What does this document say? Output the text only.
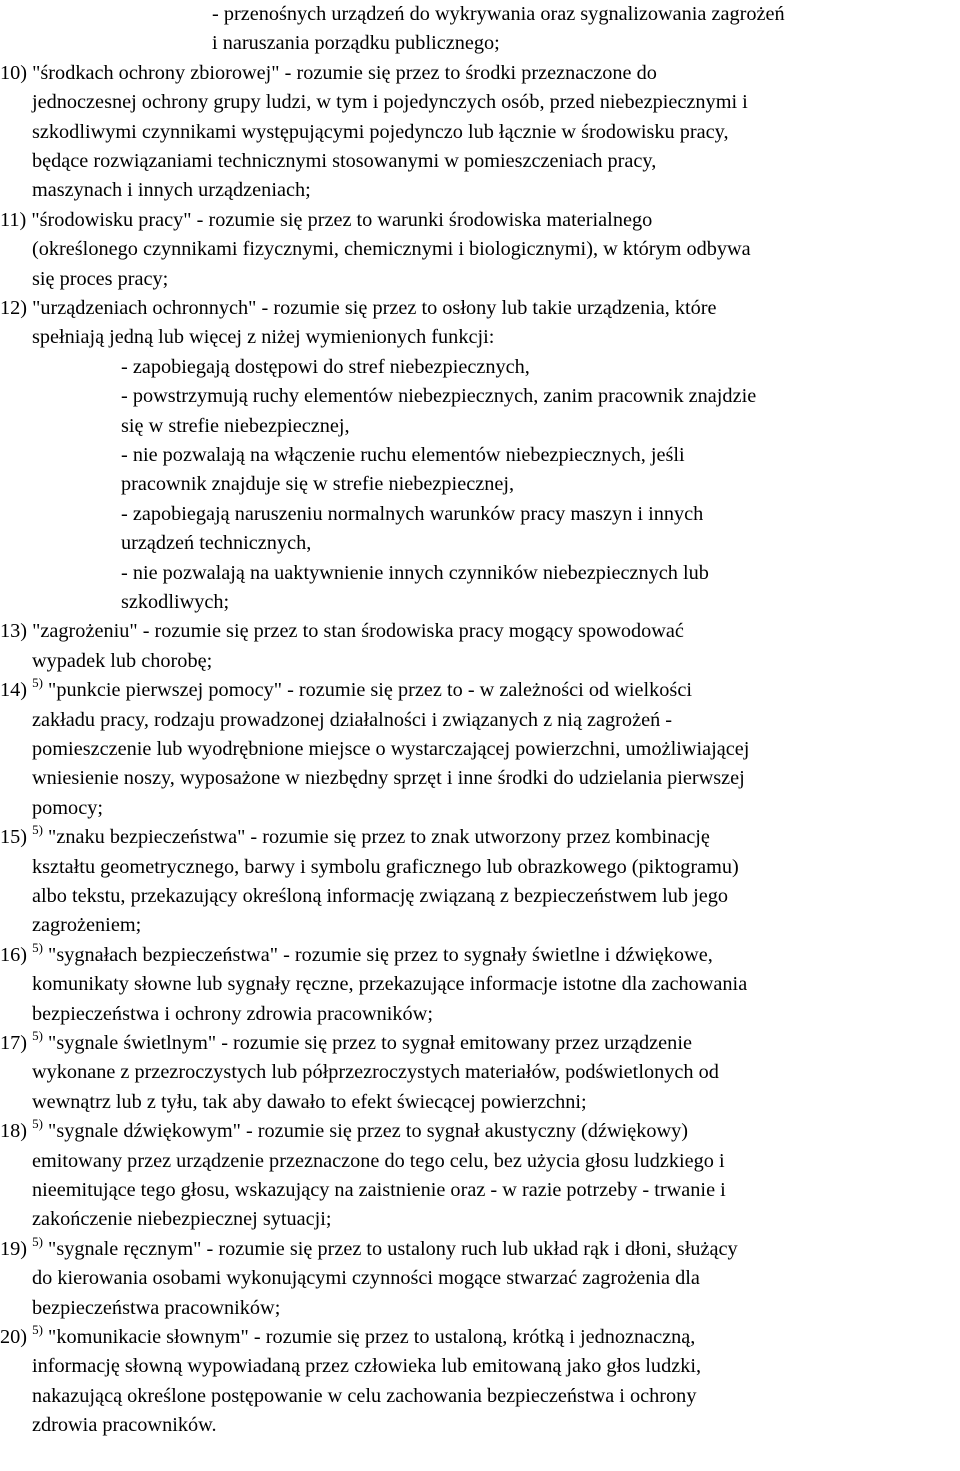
- przenośnych urządzeń do wykrywania oraz sygnalizowania zagrożeń
i naruszania porządku publicznego;
10) "środkach ochrony zbiorowej" - rozumie się przez to środki przeznaczone do
jednoczesnej ochrony grupy ludzi, w tym i pojedynczych osób, przed niebezpiecznymi i
szkodliwymi czynnikami występującymi pojedynczo lub łącznie w środowisku pracy,
będące rozwiązaniami technicznymi stosowanymi w pomieszczeniach pracy,
maszynach i innych urządzeniach;
11) "środowisku pracy" - rozumie się przez to warunki środowiska materialnego
(określonego czynnikami fizycznymi, chemicznymi i biologicznymi), w którym odbywa
się proces pracy;
12) "urządzeniach ochronnych" - rozumie się przez to osłony lub takie urządzenia, które
spełniają jedną lub więcej z niżej wymienionych funkcji:
- zapobiegają dostępowi do stref niebezpiecznych,
- powstrzymują ruchy elementów niebezpiecznych, zanim pracownik znajdzie
się w strefie niebezpiecznej,
- nie pozwalają na włączenie ruchu elementów niebezpiecznych, jeśli
pracownik znajduje się w strefie niebezpiecznej,
- zapobiegają naruszeniu normalnych warunków pracy maszyn i innych
urządzeń technicznych,
- nie pozwalają na uaktywnienie innych czynników niebezpiecznych lub
szkodliwych;
13) "zagrożeniu" - rozumie się przez to stan środowiska pracy mogący spowodować
wypadek lub chorobę;
14) $^{5)}$ "punkcie pierwszej pomocy" - rozumie się przez to - w zależności od wielkości
zakładu pracy, rodzaju prowadzonej działalności i związanych z nią zagrożeń -
pomieszczenie lub wyodrębnione miejsce o wystarczającej powierzchni, umożliwiającej
wniesienie noszy, wyposażone w niezbędny sprzęt i inne środki do udzielania pierwszej
pomocy;
15) $^{5)}$ "znaku bezpieczeństwa" - rozumie się przez to znak utworzony przez kombinację
kształtu geometrycznego, barwy i symbolu graficznego lub obrazkowego (piktogramu)
albo tekstu, przekazujący określoną informację związaną z bezpieczeństwem lub jego
zagrożeniem;
16) $^{5)}$ "sygnałach bezpieczeństwa" - rozumie się przez to sygnały świetlne i dźwiękowe,
komunikaty słowne lub sygnały ręczne, przekazujące informacje istotne dla zachowania
bezpieczeństwa i ochrony zdrowia pracowników;
17) $^{5)}$ "sygnale świetlnym" - rozumie się przez to sygnał emitowany przez urządzenie
wykonane z przezroczystych lub półprzezroczystych materiałów, podświetlonych od
wewnątrz lub z tyłu, tak aby dawało to efekt świecącej powierzchni;
18) $^{5)}$ "sygnale dźwiękowym" - rozumie się przez to sygnał akustyczny (dźwiękowy)
emitowany przez urządzenie przeznaczone do tego celu, bez użycia głosu ludzkiego i
nieemitujące tego głosu, wskazujący na zaistnienie oraz - w razie potrzeby - trwanie i
zakończenie niebezpiecznej sytuacji;
19) $^{5)}$ "sygnale ręcznym" - rozumie się przez to ustalony ruch lub układ rąk i dłoni, służący
do kierowania osobami wykonującymi czynności mogące stwarzać zagrożenia dla
bezpieczeństwa pracowników;
20) $^{5)}$ "komunikacie słownym" - rozumie się przez to ustaloną, krótką i jednoznaczną,
informację słowną wypowiadaną przez człowieka lub emitowaną jako głos ludzki,
nakazującą określone postępowanie w celu zachowania bezpieczeństwa i ochrony
zdrowia pracowników.
